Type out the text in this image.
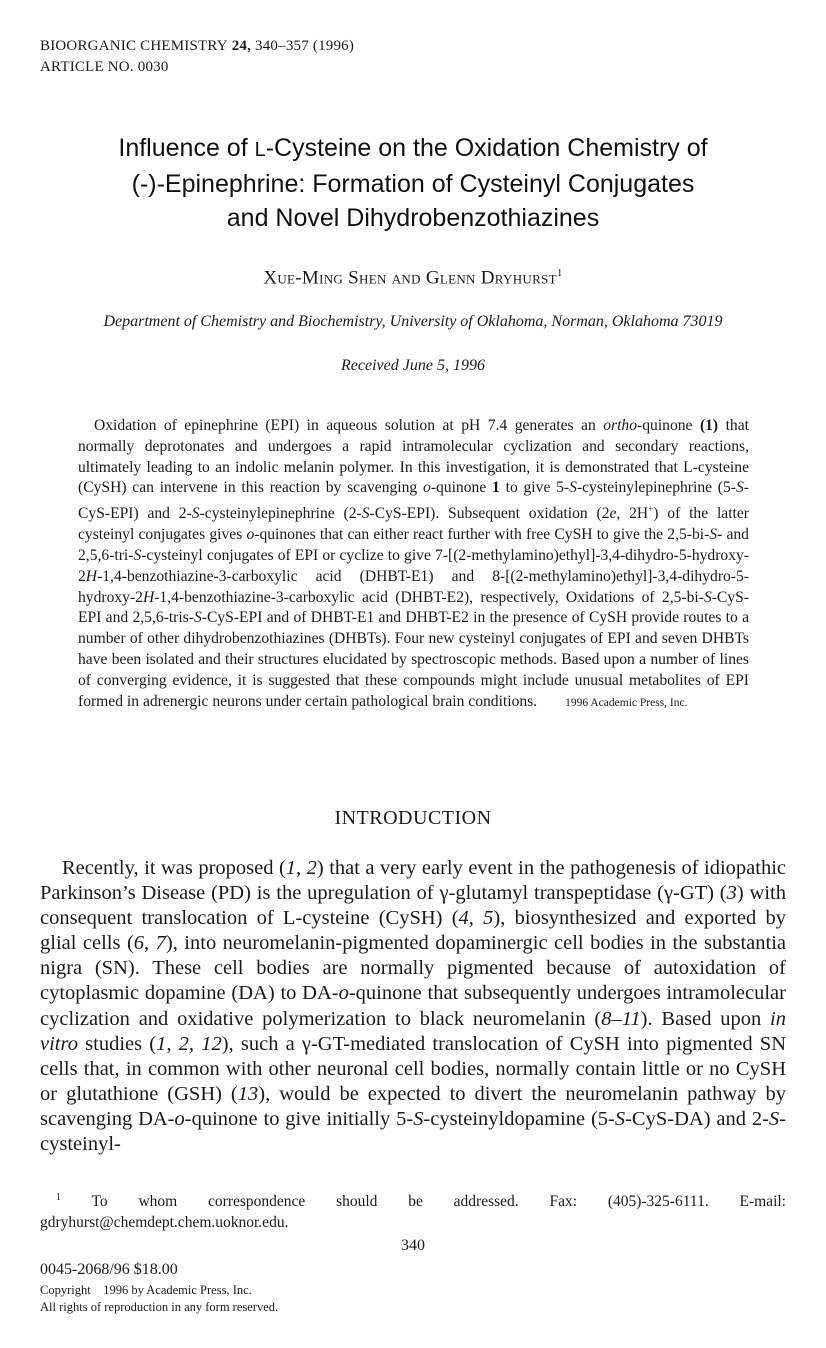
BIOORGANIC CHEMISTRY 24, 340–357 (1996)
ARTICLE NO. 0030
Influence of L-Cysteine on the Oxidation Chemistry of
(-)-Epinephrine: Formation of Cysteinyl Conjugates
and Novel Dihydrobenzothiazines
Xue-Ming Shen and Glenn Dryhurst$^1$
Department of Chemistry and Biochemistry, University of Oklahoma, Norman, Oklahoma 73019
Received June 5, 1996
Oxidation of epinephrine (EPI) in aqueous solution at pH 7.4 generates an ortho-quinone (1) that normally deprotonates and undergoes a rapid intramolecular cyclization and secondary reactions, ultimately leading to an indolic melanin polymer. In this investigation, it is demonstrated that L-cysteine (CySH) can intervene in this reaction by scavenging o-quinone 1 to give 5-S-cysteinylepinephrine (5-S-CyS-EPI) and 2-S-cysteinylepinephrine (2-S-CyS-EPI). Subsequent oxidation (2e, 2H+) of the latter cysteinyl conjugates gives o-quinones that can either react further with free CySH to give the 2,5-bi-S- and 2,5,6-tri-S-cysteinyl conjugates of EPI or cyclize to give 7-[(2-methylamino)ethyl]-3,4-dihydro-5-hydroxy-2H-1,4-benzothiazine-3-carboxylic acid (DHBT-E1) and 8-[(2-methylamino)ethyl]-3,4-dihydro-5-hydroxy-2H-1,4-benzothiazine-3-carboxylic acid (DHBT-E2), respectively, Oxidations of 2,5-bi-S-CyS-EPI and 2,5,6-tris-S-CyS-EPI and of DHBT-E1 and DHBT-E2 in the presence of CySH provide routes to a number of other dihydrobenzothiazines (DHBTs). Four new cysteinyl conjugates of EPI and seven DHBTs have been isolated and their structures elucidated by spectroscopic methods. Based upon a number of lines of converging evidence, it is suggested that these compounds might include unusual metabolites of EPI formed in adrenergic neurons under certain pathological brain conditions. 1996 Academic Press, Inc.
INTRODUCTION
Recently, it was proposed (1, 2) that a very early event in the pathogenesis of idiopathic Parkinson’s Disease (PD) is the upregulation of γ-glutamyl transpeptidase (γ-GT) (3) with consequent translocation of L-cysteine (CySH) (4, 5), biosynthesized and exported by glial cells (6, 7), into neuromelanin-pigmented dopaminergic cell bodies in the substantia nigra (SN). These cell bodies are normally pigmented because of autoxidation of cytoplasmic dopamine (DA) to DA-o-quinone that subsequently undergoes intramolecular cyclization and oxidative polymerization to black neuromelanin (8–11). Based upon in vitro studies (1, 2, 12), such a γ-GT-mediated translocation of CySH into pigmented SN cells that, in common with other neuronal cell bodies, normally contain little or no CySH or glutathione (GSH) (13), would be expected to divert the neuromelanin pathway by scavenging DA-o-quinone to give initially 5-S-cysteinyldopamine (5-S-CyS-DA) and 2-S-cysteinyl-
$^1$ To whom correspondence should be addressed. Fax: (405)-325-6111. E-mail: gdryhurst@chemdept.chem.uoknor.edu.
340
0045-2068/96 $18.00
Copyright    1996 by Academic Press, Inc.
All rights of reproduction in any form reserved.
